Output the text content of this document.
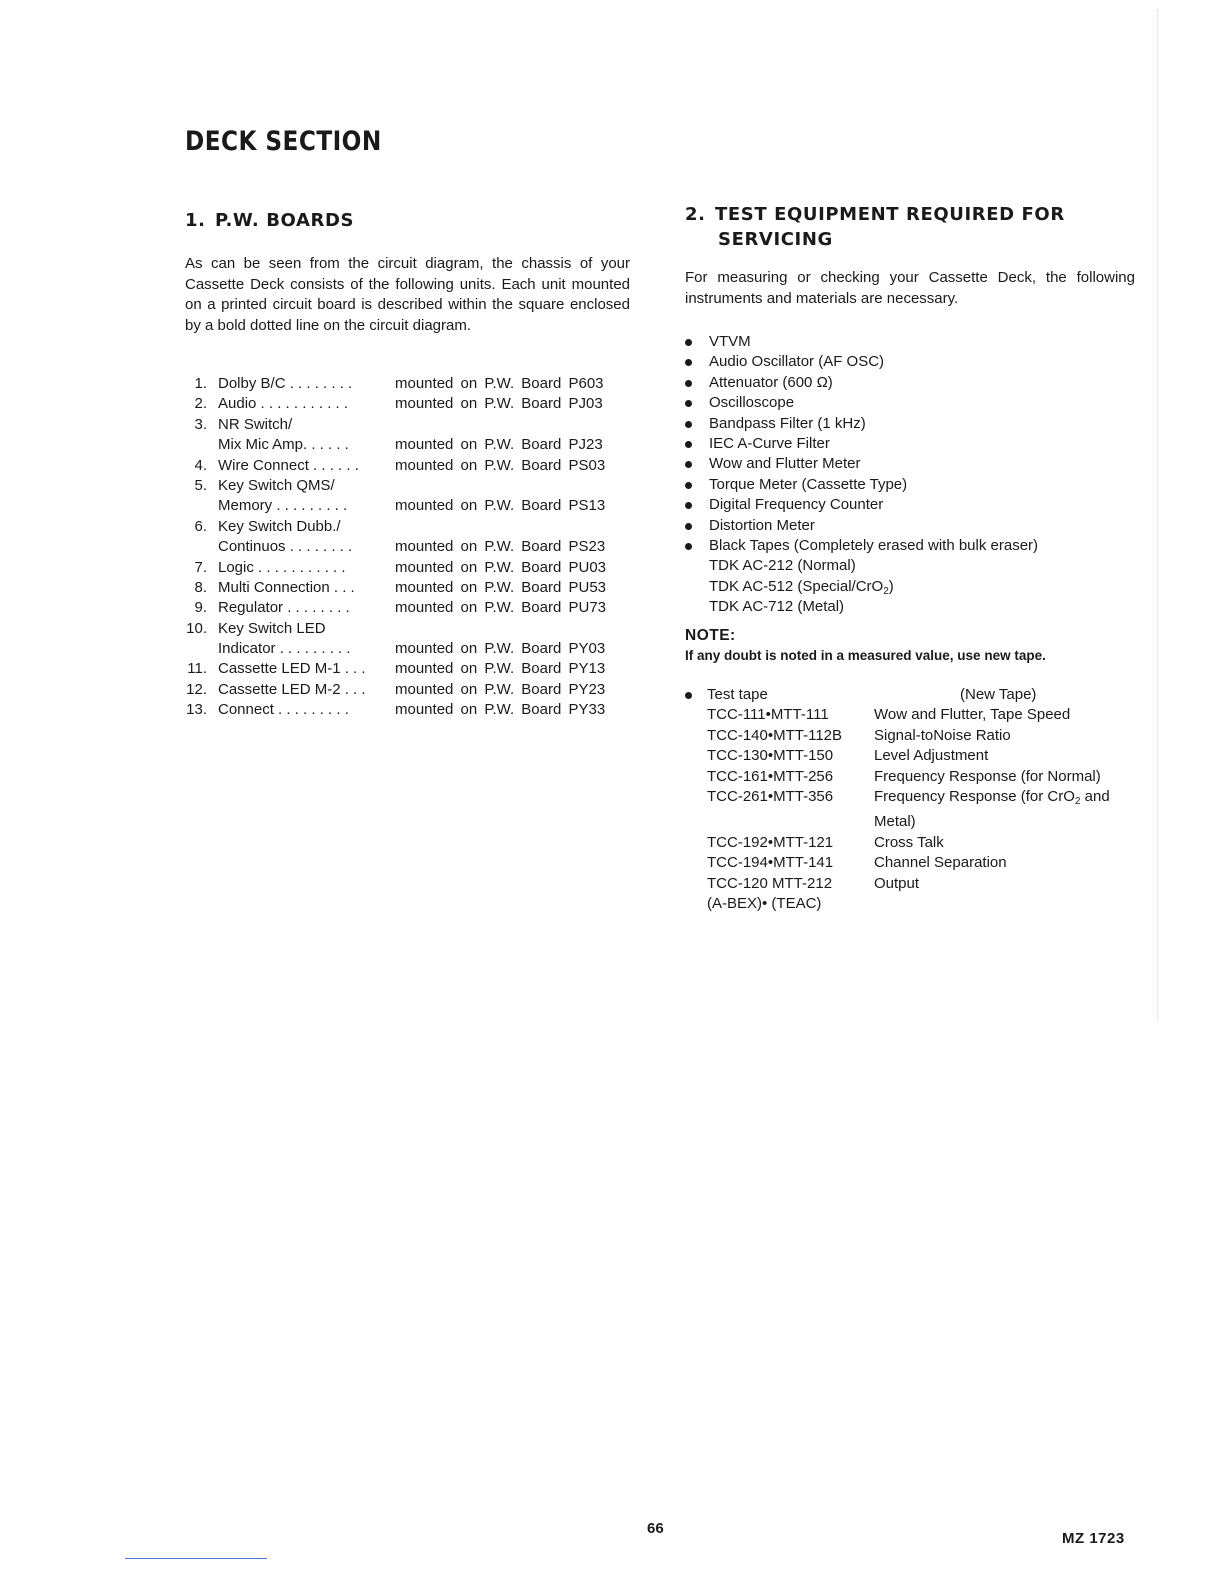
DECK SECTION
1. P.W. BOARDS

As can be seen from the circuit diagram, the chassis of your Cassette Deck consists of the following units. Each unit mounted on a printed circuit board is described within the square enclosed by a bold dotted line on the circuit diagram.

1. Dolby B/C . . . . . . . .	mounted on P.W. Board P603
2. Audio . . . . . . . . . . .	mounted on P.W. Board PJ03
3. NR Switch/
Mix Mic Amp. . . . . .	mounted on P.W. Board PJ23
4. Wire Connect . . . . . . mounted on P.W. Board PS03
5. Key Switch QMS/
Memory . . . . . . . . .	mounted on P.W. Board PS13
6. Key Switch Dubb./
Continuos . . . . . . . .	mounted on P.W. Board PS23
7. Logic . . . . . . . . . . .	mounted on P.W. Board PU03
8. Multi Connection . . .	mounted on P.W. Board PU53
9. Regulator . . . . . . . .	mounted on P.W. Board PU73
10. Key Switch LED
Indicator . . . . . . . . .	mounted on P.W. Board PY03
11. Cassette LED M-1 . . . mounted on P.W. Board PY13
12. Cassette LED M-2 . . . mounted on P.W. Board PY23
13. Connect . . . . . . . . .	mounted on P.W. Board PY33
2. TEST EQUIPMENT REQUIRED FOR
SERVICING

For measuring or checking your Cassette Deck, the following instruments and materials are necessary.

VTVM
Audio Oscillator (AF OSC)
Attenuator (600 Ω)
Oscilloscope
Bandpass Filter (1 kHz)
IEC A-Curve Filter
Wow and Flutter Meter
Torque Meter (Cassette Type)
Digital Frequency Counter
Distortion Meter
Black Tapes (Completely erased with bulk eraser)
TDK AC-212 (Normal)
TDK AC-512 (Special/CrO$_2$)
TDK AC-712 (Metal)

NOTE:

If any doubt is noted in a measured value, use new tape.

Test tape	(New Tape)
TCC-111•MTT-111	Wow and Flutter, Tape Speed
TCC-140•MTT-112B Signal-toNoise Ratio
TCC-130•MTT-150	Level Adjustment
TCC-161•MTT-256	Frequency Response (for Normal)
TCC-261•MTT-356	Frequency Response (for CrO$_2$ and Metal)
TCC-192•MTT-121	Cross Talk
TCC-194•MTT-141	Channel Separation
TCC-120 MTT-212	Output
(A-BEX)• (TEAC)
66
MZ 1723
